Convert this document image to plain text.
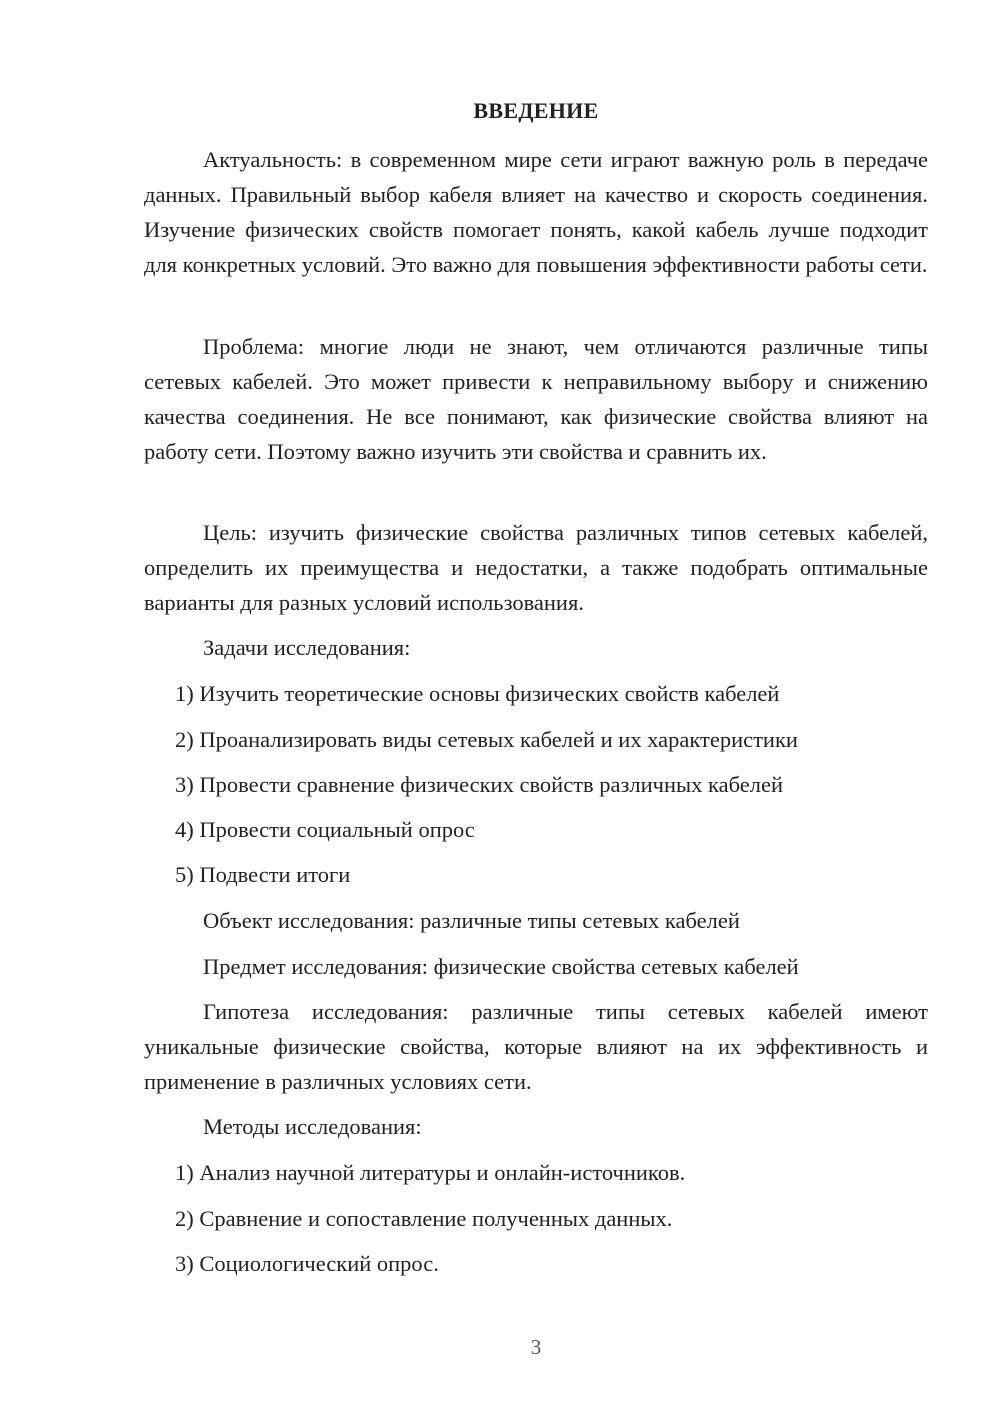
ВВЕДЕНИЕ
Актуальность: в современном мире сети играют важную роль в передаче данных. Правильный выбор кабеля влияет на качество и скорость соединения. Изучение физических свойств помогает понять, какой кабель лучше подходит для конкретных условий. Это важно для повышения эффективности работы сети.
Проблема: многие люди не знают, чем отличаются различные типы сетевых кабелей. Это может привести к неправильному выбору и снижению качества соединения. Не все понимают, как физические свойства влияют на работу сети. Поэтому важно изучить эти свойства и сравнить их.
Цель: изучить физические свойства различных типов сетевых кабелей, определить их преимущества и недостатки, а также подобрать оптимальные варианты для разных условий использования.
Задачи исследования:
1) Изучить теоретические основы физических свойств кабелей
2) Проанализировать виды сетевых кабелей и их характеристики
3) Провести сравнение физических свойств различных кабелей
4) Провести социальный опрос
5) Подвести итоги
Объект исследования: различные типы сетевых кабелей
Предмет исследования: физические свойства сетевых кабелей
Гипотеза исследования: различные типы сетевых кабелей имеют уникальные физические свойства, которые влияют на их эффективность и применение в различных условиях сети.
Методы исследования:
1) Анализ научной литературы и онлайн-источников.
2) Сравнение и сопоставление полученных данных.
3) Социологический опрос.
3
